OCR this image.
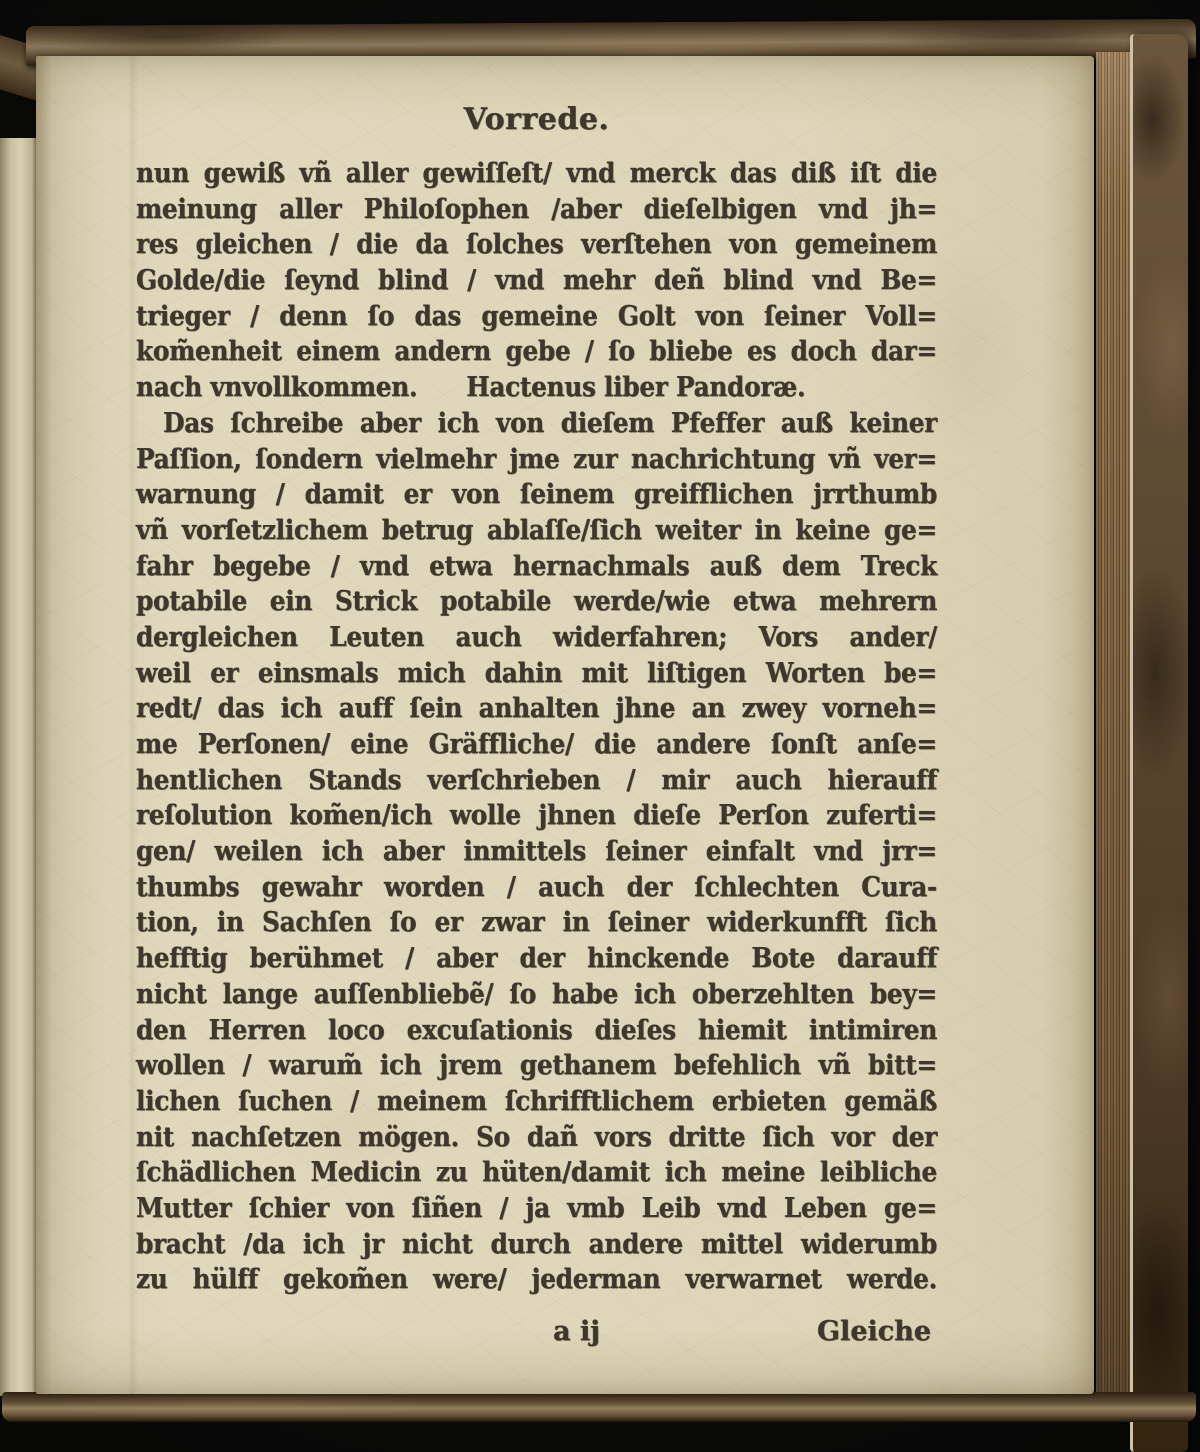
Vorrede.
nun gewiß vñ aller gewiſſeſt/ vnd merck das diß iſt die
meinung aller Philoſophen /aber dieſelbigen vnd jh=
res gleichen / die da ſolches verſtehen von gemeinem
Golde/die ſeynd blind / vnd mehr deñ blind vnd Be=
trieger / denn ſo das gemeine Golt von ſeiner Voll=
kom̃enheit einem andern gebe / ſo bliebe es doch dar=
nach vnvollkommen.  Hactenus liber Pandoræ.
Das ſchreibe aber ich von dieſem Pfeffer auß keiner
Paſſion, ſondern vielmehr jme zur nachrichtung vñ ver=
warnung / damit er von ſeinem greifflichen jrrthumb
vñ vorſetzlichem betrug ablaſſe/ſich weiter in keine ge=
fahr begebe / vnd etwa hernachmals auß dem Treck
potabile ein Strick potabile werde/wie etwa mehrern
dergleichen Leuten auch widerfahren; Vors ander/
weil er einsmals mich dahin mit liſtigen Worten be=
redt/ das ich auff ſein anhalten jhne an zwey vorneh=
me Perſonen/ eine Gräffliche/ die andere ſonſt anſe=
hentlichen Stands verſchrieben / mir auch hierauff
reſolution kom̃en/ich wolle jhnen dieſe Perſon zuferti=
gen/ weilen ich aber inmittels ſeiner einfalt vnd jrr=
thumbs gewahr worden / auch der ſchlechten Cura-
tion, in Sachſen ſo er zwar in ſeiner widerkunfft ſich
hefftig berühmet / aber der hinckende Bote darauff
nicht lange auſſenbliebẽ/ ſo habe ich oberzehlten bey=
den Herren loco excuſationis dieſes hiemit intimiren
wollen / warum̃ ich jrem gethanem befehlich vñ bitt=
lichen ſuchen / meinem ſchrifftlichem erbieten gemäß
nit nachſetzen mögen. So dañ vors dritte ſich vor der
ſchädlichen Medicin zu hüten/damit ich meine leibliche
Mutter ſchier von ſiñen / ja vmb Leib vnd Leben ge=
bracht /da ich jr nicht durch andere mittel widerumb
zu hülff gekom̃en were/ jederman verwarnet werde.
a ij	Gleiche
